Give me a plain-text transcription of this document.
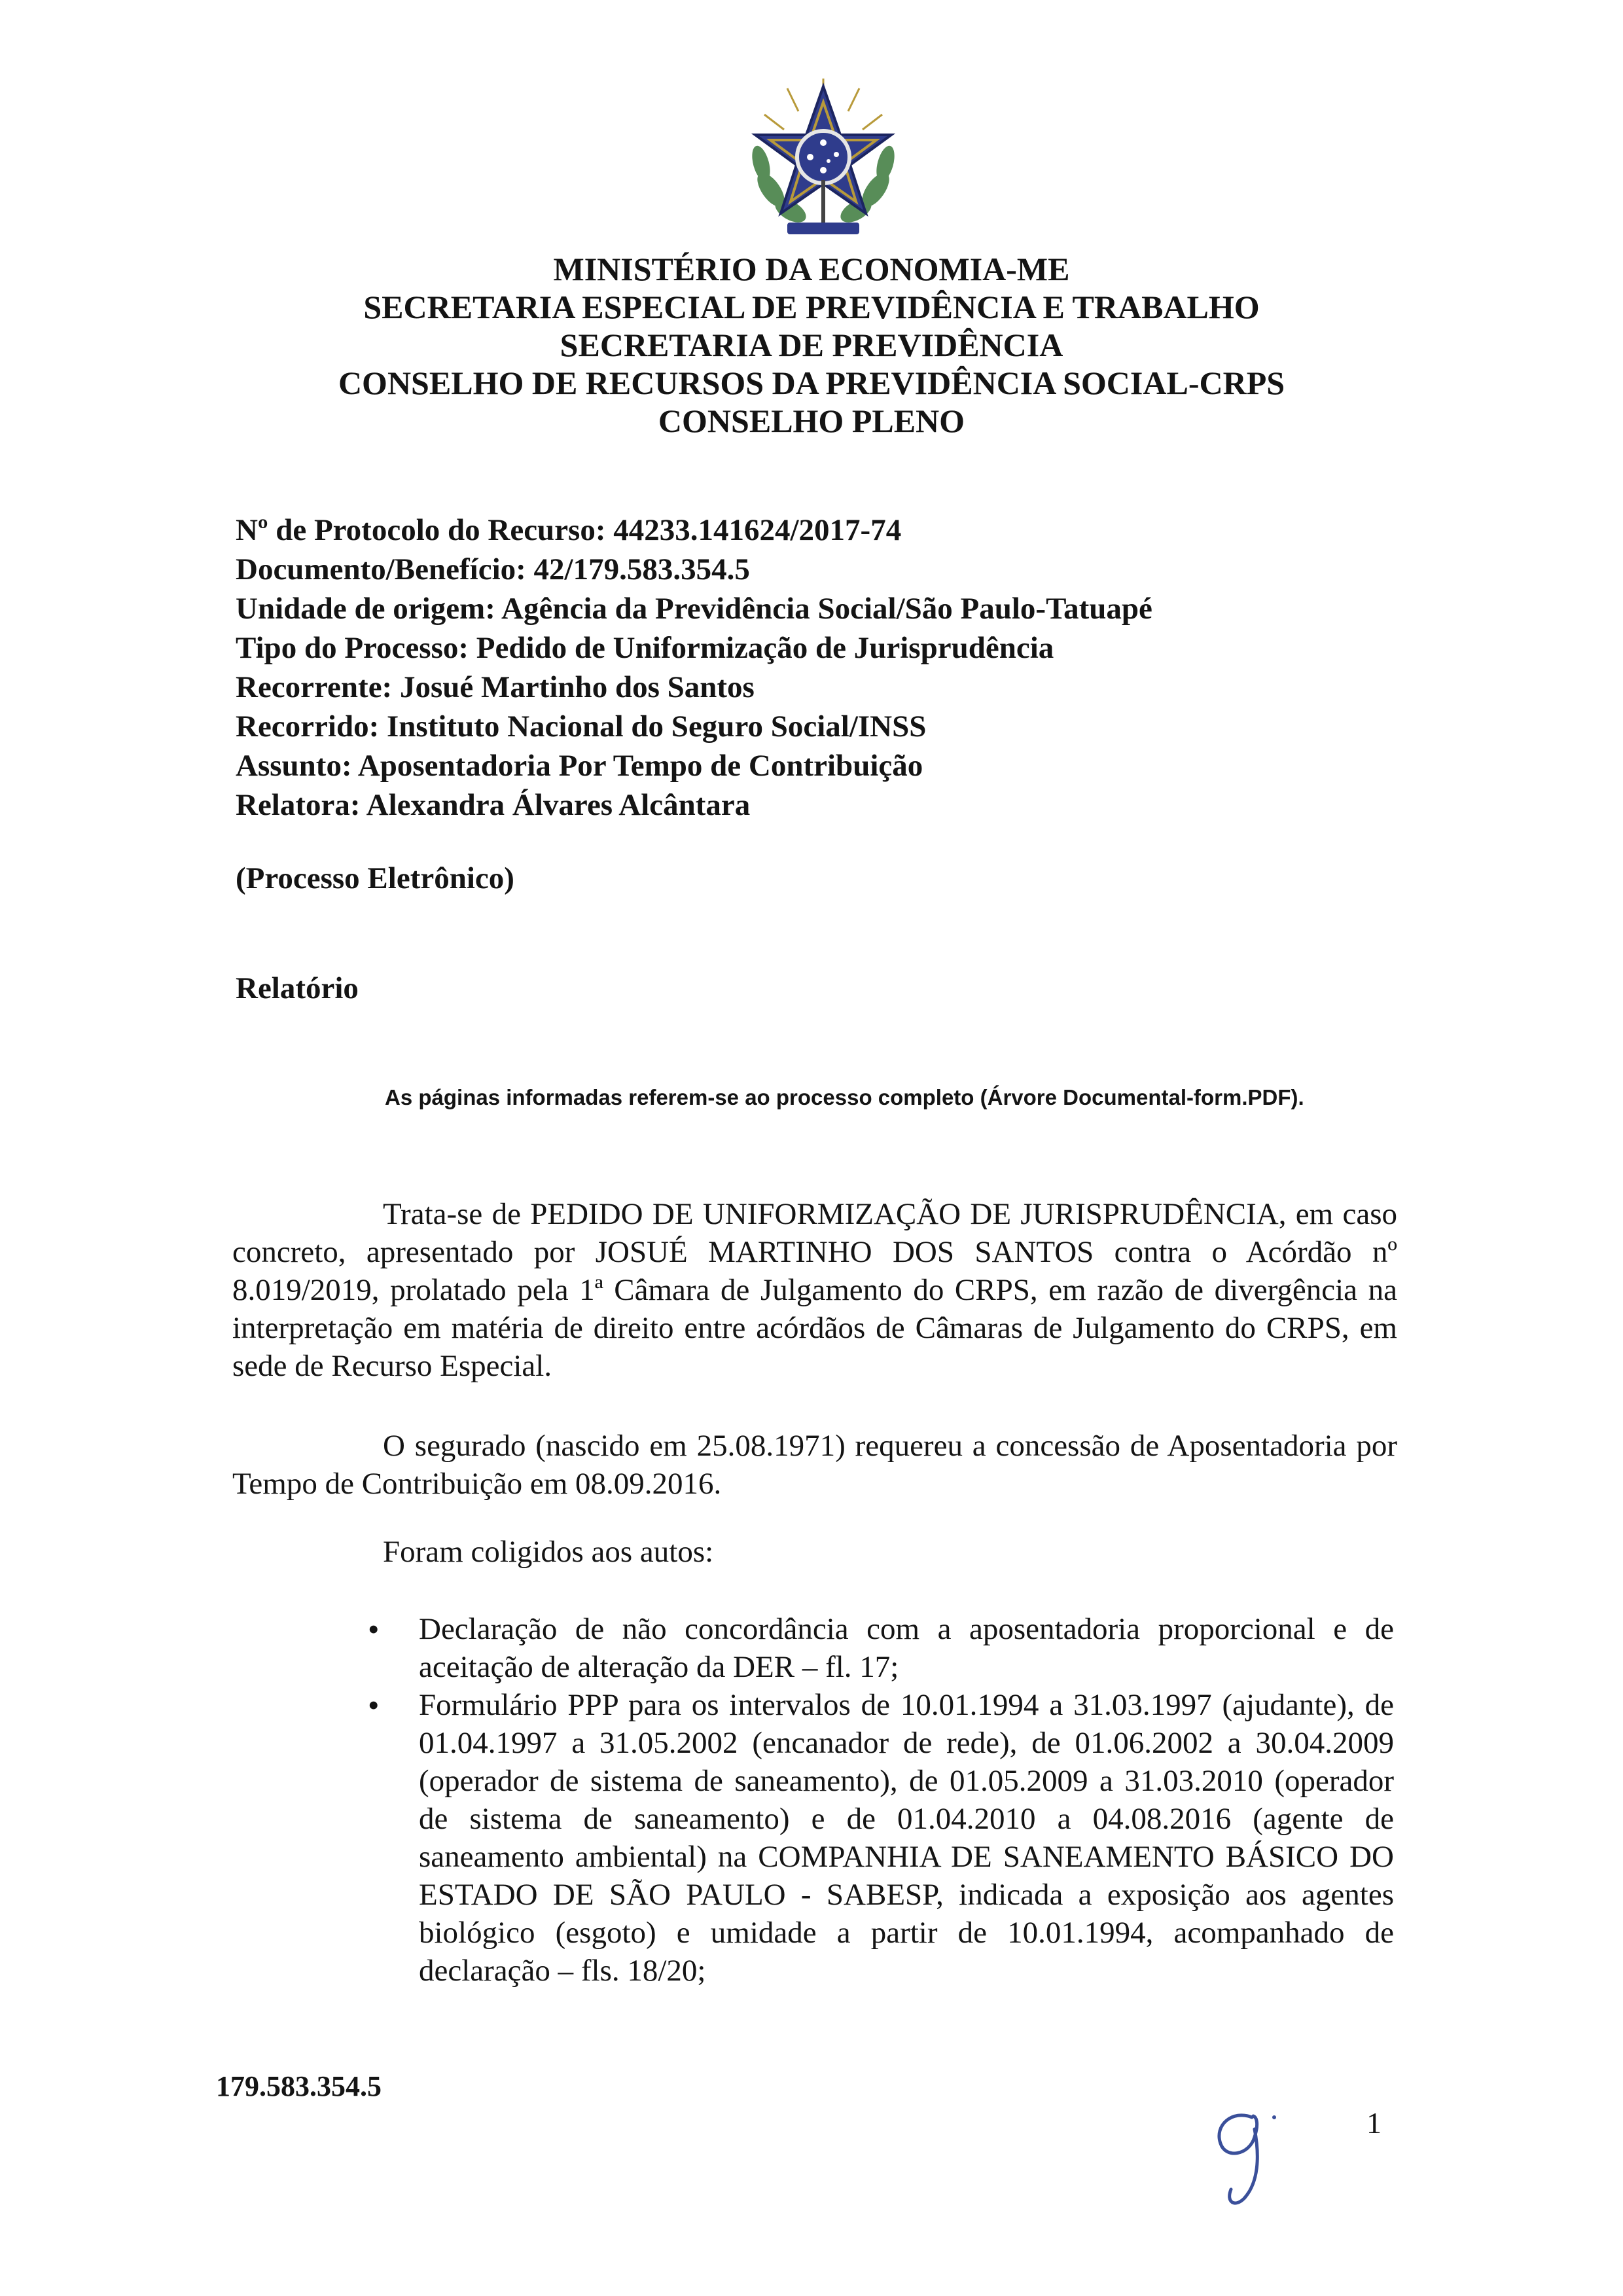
MINISTÉRIO DA ECONOMIA-ME
SECRETARIA ESPECIAL DE PREVIDÊNCIA E TRABALHO
SECRETARIA DE PREVIDÊNCIA
CONSELHO DE RECURSOS DA PREVIDÊNCIA SOCIAL-CRPS
CONSELHO PLENO
Nº de Protocolo do Recurso: 44233.141624/2017-74
Documento/Benefício: 42/179.583.354.5
Unidade de origem: Agência da Previdência Social/São Paulo-Tatuapé
Tipo do Processo: Pedido de Uniformização de Jurisprudência
Recorrente: Josué Martinho dos Santos
Recorrido: Instituto Nacional do Seguro Social/INSS
Assunto: Aposentadoria Por Tempo de Contribuição
Relatora: Alexandra Álvares Alcântara
(Processo Eletrônico)
Relatório
As páginas informadas referem-se ao processo completo (Árvore Documental-form.PDF).

Trata-se de PEDIDO DE UNIFORMIZAÇÃO DE JURISPRUDÊNCIA, em caso concreto, apresentado por JOSUÉ MARTINHO DOS SANTOS contra o Acórdão nº 8.019/2019, prolatado pela 1ª Câmara de Julgamento do CRPS, em razão de divergência na interpretação em matéria de direito entre acórdãos de Câmaras de Julgamento do CRPS, em sede de Recurso Especial.

O segurado (nascido em 25.08.1971) requereu a concessão de Aposentadoria por Tempo de Contribuição em 08.09.2016.

Foram coligidos aos autos:

• Declaração de não concordância com a aposentadoria proporcional e de aceitação de alteração da DER – fl. 17;
• Formulário PPP para os intervalos de 10.01.1994 a 31.03.1997 (ajudante), de 01.04.1997 a 31.05.2002 (encanador de rede), de 01.06.2002 a 30.04.2009 (operador de sistema de saneamento), de 01.05.2009 a 31.03.2010 (operador de sistema de saneamento) e de 01.04.2010 a 04.08.2016 (agente de saneamento ambiental) na COMPANHIA DE SANEAMENTO BÁSICO DO ESTADO DE SÃO PAULO - SABESP, indicada a exposição aos agentes biológico (esgoto) e umidade a partir de 10.01.1994, acompanhado de declaração – fls. 18/20;
179.583.354.5
1
